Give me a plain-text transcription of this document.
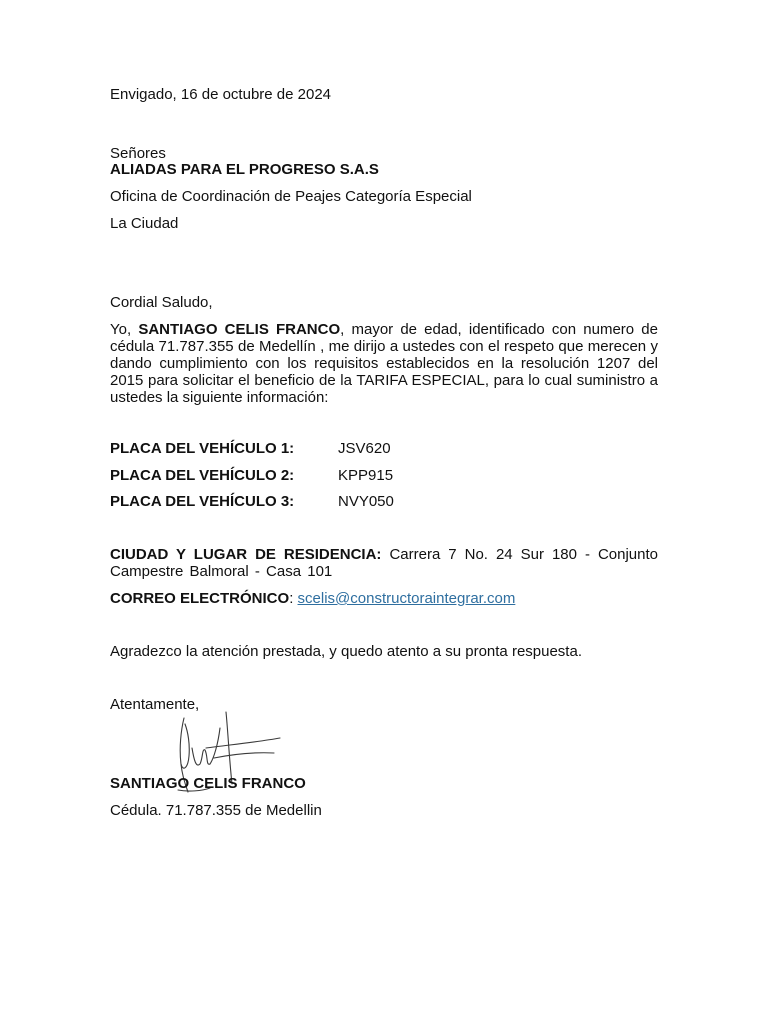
Envigado, 16 de octubre de 2024
Señores
ALIADAS PARA EL PROGRESO S.A.S
Oficina de Coordinación de Peajes Categoría Especial
La Ciudad
Cordial Saludo,
Yo, SANTIAGO CELIS FRANCO, mayor de edad, identificado con numero de cédula 71.787.355 de Medellín , me dirijo a ustedes con el respeto que merecen y dando cumplimiento con los requisitos establecidos en la resolución 1207 del 2015 para solicitar el beneficio de la TARIFA ESPECIAL, para lo cual suministro a ustedes la siguiente información:
PLACA DEL VEHÍCULO 1:	JSV620
PLACA DEL VEHÍCULO 2:	KPP915
PLACA DEL VEHÍCULO 3:	NVY050
CIUDAD Y LUGAR DE RESIDENCIA: Carrera 7 No. 24 Sur 180 - Conjunto Campestre Balmoral - Casa 101
CORREO ELECTRÓNICO: scelis@constructoraintegrar.com
Agradezco la atención prestada, y quedo atento a su pronta respuesta.
Atentamente,
SANTIAGO CELIS FRANCO
Cédula. 71.787.355 de Medellin
